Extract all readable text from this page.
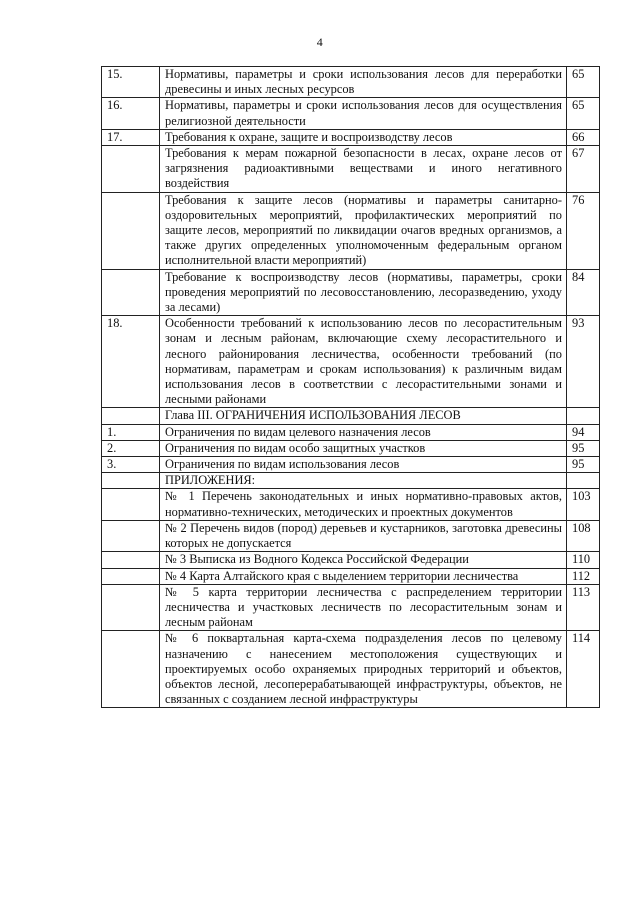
4
15.	Нормативы, параметры и сроки использования лесов для переработки древесины и иных лесных ресурсов	65
16.	Нормативы, параметры и сроки использования лесов для осуществления религиозной деятельности	65
17.	Требования к охране, защите и воспроизводству лесов	66
	Требования к мерам пожарной безопасности в лесах, охране лесов от загрязнения радиоактивными веществами и иного негативного воздействия	67
	Требования к защите лесов (нормативы и параметры санитарно-оздоровительных мероприятий, профилактических мероприятий по защите лесов, мероприятий по ликвидации очагов вредных организмов, а также других определенных уполномоченным федеральным органом исполнительной власти мероприятий)	76
	Требование к воспроизводству лесов (нормативы, параметры, сроки проведения мероприятий по лесовосстановлению, лесоразведению, уходу за лесами)	84
18.	Особенности требований к использованию лесов по лесорастительным зонам и лесным районам, включающие схему лесорастительного и лесного районирования лесничества, особенности требований (по нормативам, параметрам и срокам использования) к различным видам использования лесов в соответствии с лесорастительными зонами и лесными районами	93
	Глава III. ОГРАНИЧЕНИЯ ИСПОЛЬЗОВАНИЯ ЛЕСОВ	
1.	Ограничения по видам целевого назначения лесов	94
2.	Ограничения по видам особо защитных участков	95
3.	Ограничения по видам использования лесов	95
	ПРИЛОЖЕНИЯ:	
	№ 1 Перечень законодательных и иных нормативно-правовых актов, нормативно-технических, методических и проектных документов	103
	№ 2 Перечень видов (пород) деревьев и кустарников, заготовка древесины которых не допускается	108
	№ 3 Выписка из Водного Кодекса Российской Федерации	110
	№ 4 Карта Алтайского края с выделением территории лесничества	112
	№ 5 карта территории лесничества с распределением территории лесничества и участковых лесничеств по лесорастительным зонам и лесным районам	113
	№ 6 поквартальная карта-схема подразделения лесов по целевому назначению с нанесением местоположения существующих и проектируемых особо охраняемых природных территорий и объектов, объектов лесной, лесоперерабатывающей инфраструктуры, объектов, не связанных с созданием лесной инфраструктуры	114
